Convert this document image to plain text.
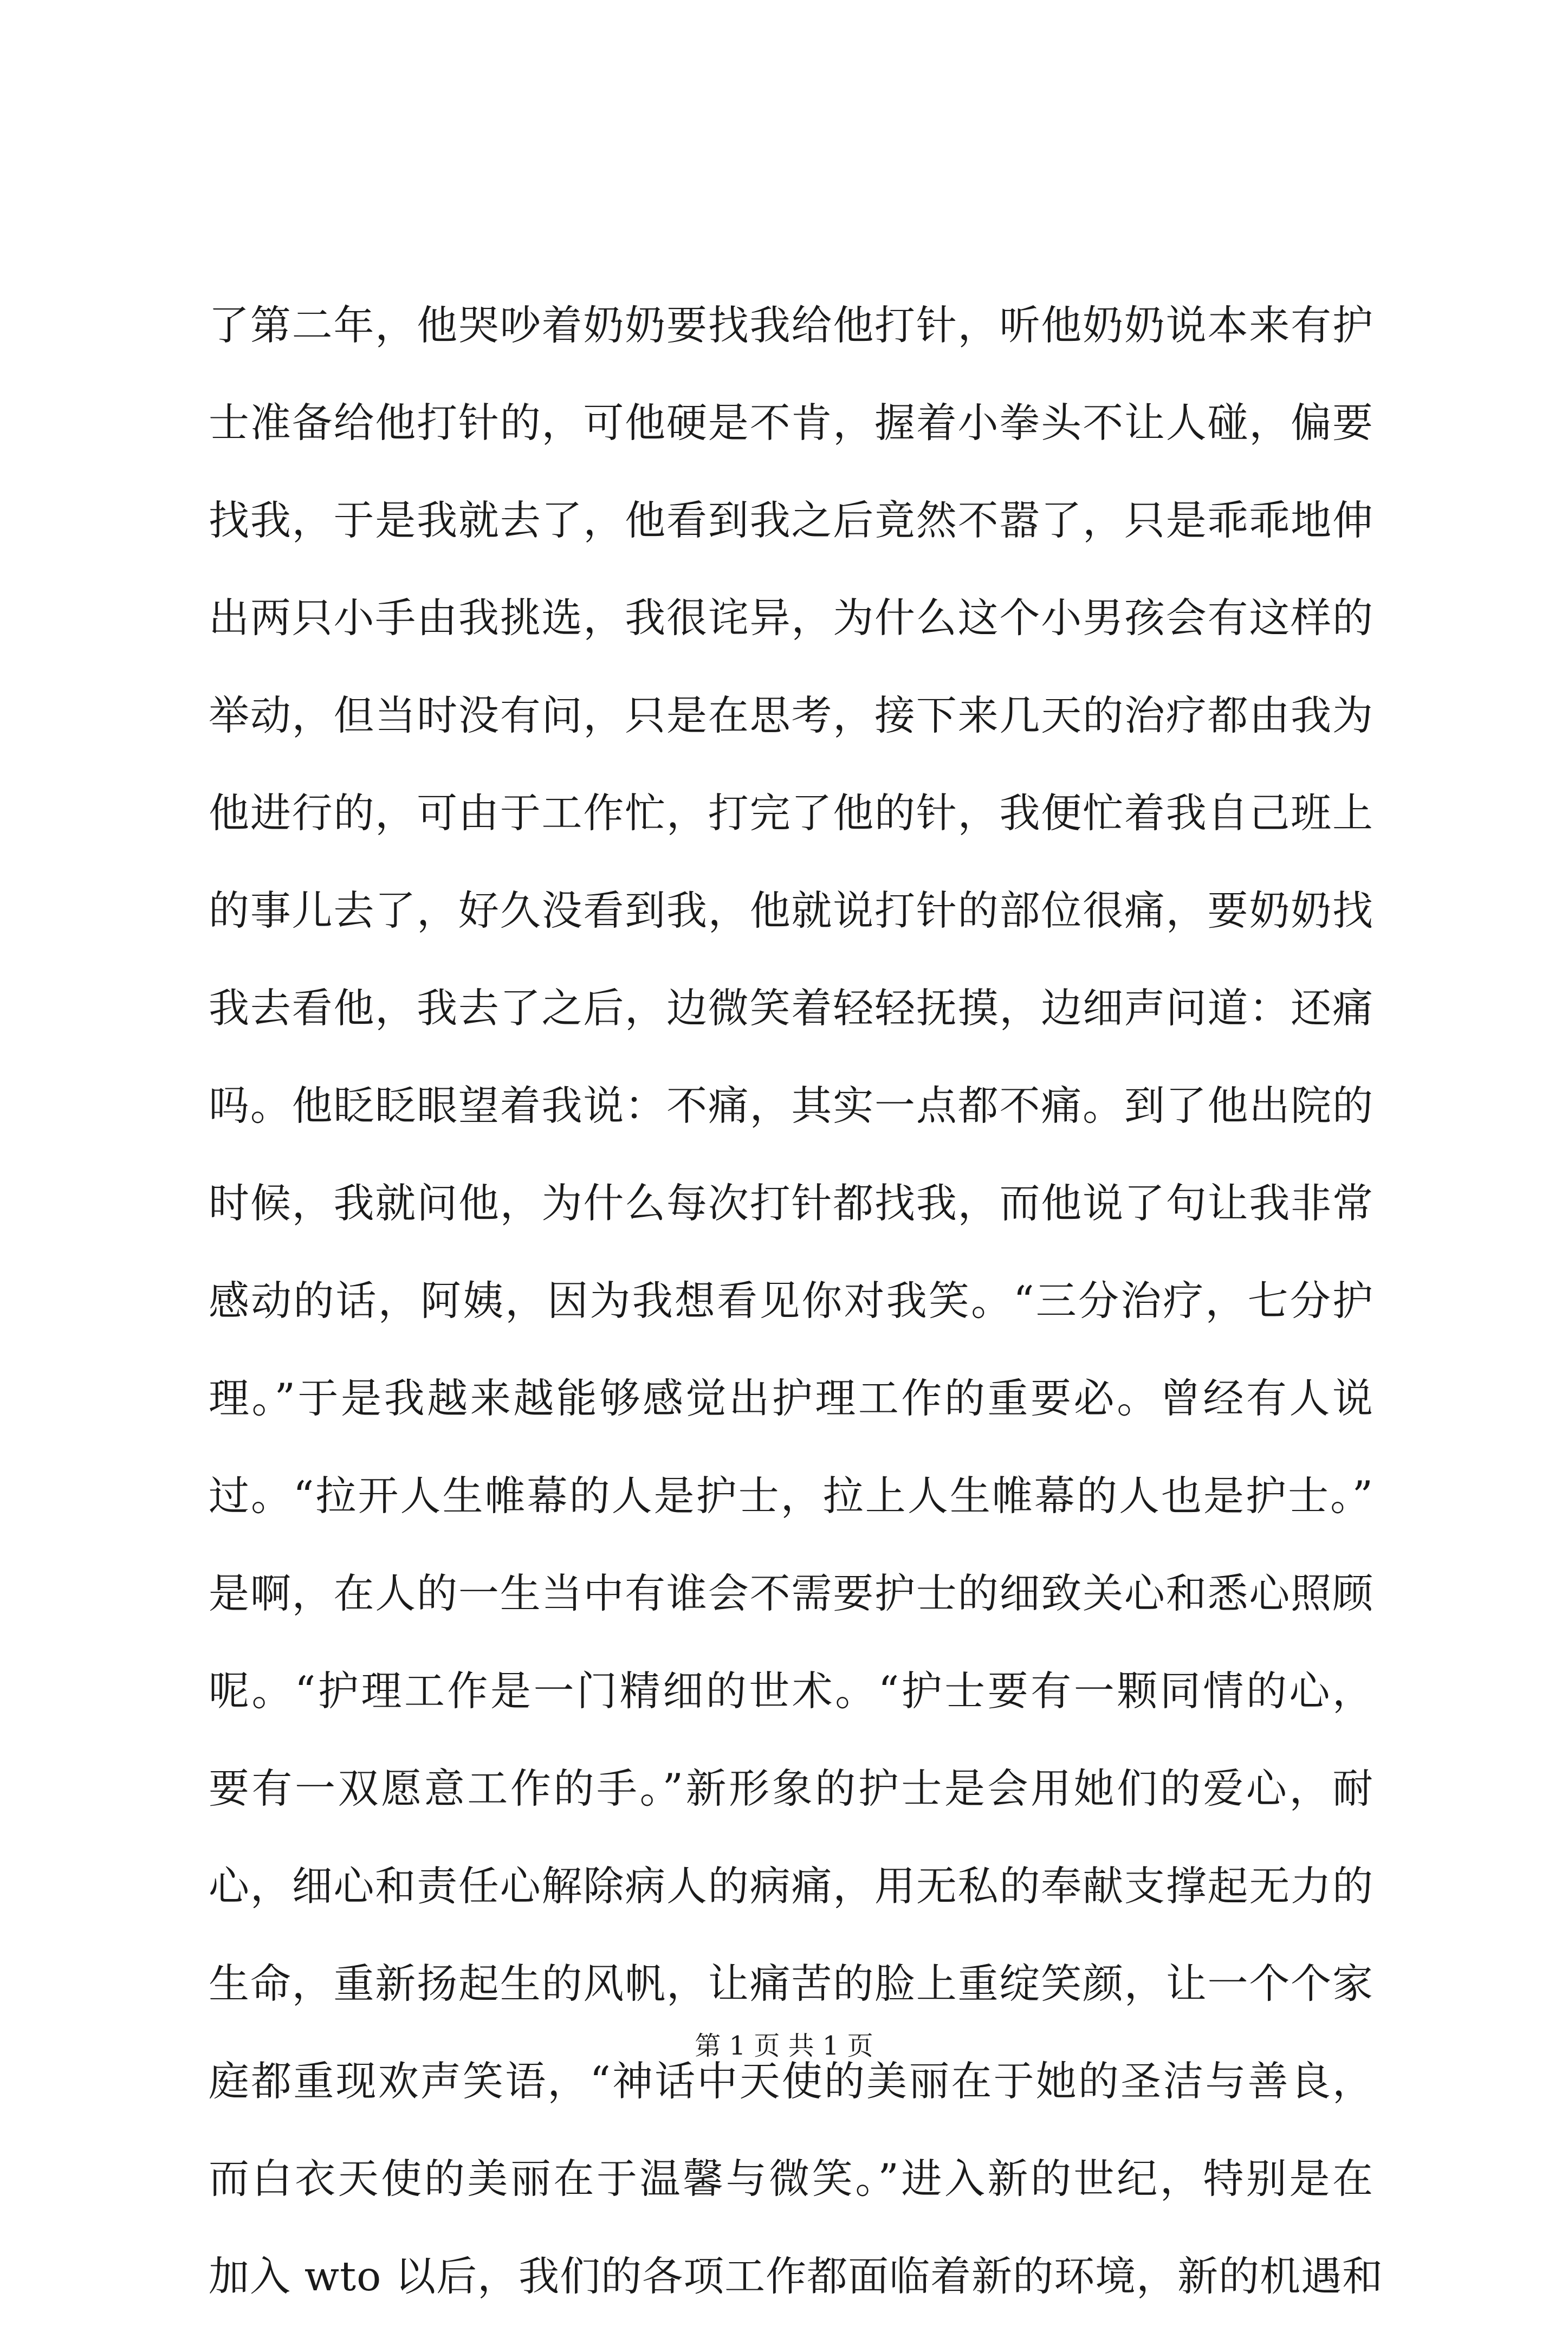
了第二年，他哭吵着奶奶要找我给他打针，听他奶奶说本来有护
士准备给他打针的，可他硬是不肯，握着小拳头不让人碰，偏要
找我，于是我就去了，他看到我之后竟然不嚣了，只是乖乖地伸
出两只小手由我挑选，我很诧异，为什么这个小男孩会有这样的
举动，但当时没有问，只是在思考，接下来几天的治疗都由我为
他进行的，可由于工作忙，打完了他的针，我便忙着我自己班上
的事儿去了，好久没看到我，他就说打针的部位很痛，要奶奶找
我去看他，我去了之后，边微笑着轻轻抚摸，边细声问道：还痛
吗。他眨眨眼望着我说：不痛，其实一点都不痛。到了他出院的
时候，我就问他，为什么每次打针都找我，而他说了句让我非常
感动的话，阿姨，因为我想看见你对我笑。“三分治疗，七分护
理。”于是我越来越能够感觉出护理工作的重要必。曾经有人说
过。“拉开人生帷幕的人是护士，拉上人生帷幕的人也是护士。”
是啊，在人的一生当中有谁会不需要护士的细致关心和悉心照顾
呢。“护理工作是一门精细的世术。“护士要有一颗同情的心，
要有一双愿意工作的手。”新形象的护士是会用她们的爱心，耐
心，细心和责任心解除病人的病痛，用无私的奉献支撑起无力的
生命，重新扬起生的风帆，让痛苦的脸上重绽笑颜，让一个个家
庭都重现欢声笑语，“神话中天使的美丽在于她的圣洁与善良，
而白衣天使的美丽在于温馨与微笑。”进入新的世纪，特别是在
加入 wto 以后，我们的各项工作都面临着新的环境，新的机遇和
第 1 页 共 1 页
